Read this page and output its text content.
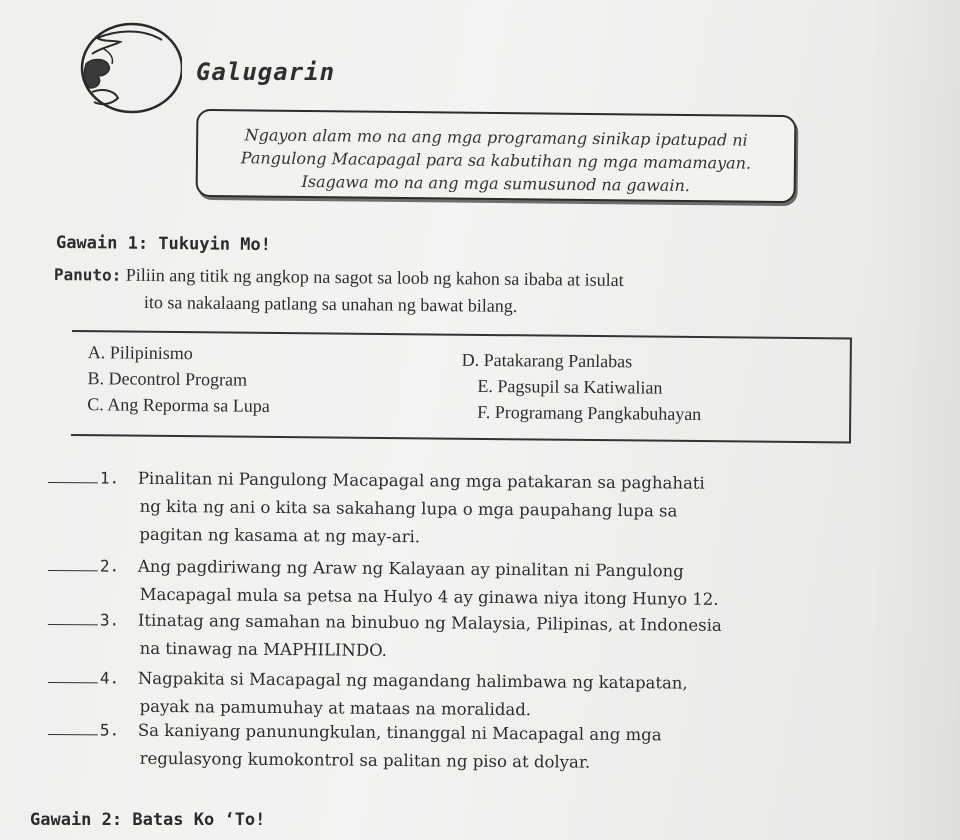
Galugarin
Ngayon alam mo na ang mga programang sinikap ipatupad ni
Pangulong Macapagal para sa kabutihan ng mga mamamayan.
Isagawa mo na ang mga sumusunod na gawain.
Gawain 1: Tukuyin Mo!
Panuto: Piliin ang titik ng angkop na sagot sa loob ng kahon sa ibaba at isulat
ito sa nakalaang patlang sa unahan ng bawat bilang.
A. Pilipinismo
B. Decontrol Program
C. Ang Reporma sa Lupa
D. Patakarang Panlabas
E. Pagsupil sa Katiwalian
F. Programang Pangkabuhayan
1. Pinalitan ni Pangulong Macapagal ang mga patakaran sa paghahati
ng kita ng ani o kita sa sakahang lupa o mga paupahang lupa sa
pagitan ng kasama at ng may-ari.
2. Ang pagdiriwang ng Araw ng Kalayaan ay pinalitan ni Pangulong
Macapagal mula sa petsa na Hulyo 4 ay ginawa niya itong Hunyo 12.
3. Itinatag ang samahan na binubuo ng Malaysia, Pilipinas, at Indonesia
na tinawag na MAPHILINDO.
4. Nagpakita si Macapagal ng magandang halimbawa ng katapatan,
payak na pamumuhay at mataas na moralidad.
5. Sa kaniyang panunungkulan, tinanggal ni Macapagal ang mga
regulasyong kumokontrol sa palitan ng piso at dolyar.
Gawain 2: Batas Ko ‘To!
